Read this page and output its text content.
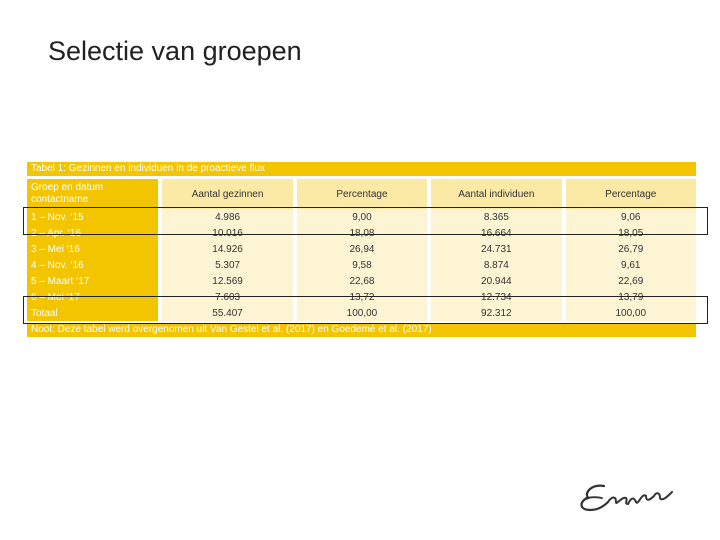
Selectie van groepen
Tabel 1: Gezinnen en individuen in de proactieve flux
Groep en datum contactname		Aantal gezinnen		Percentage		Aantal individuen		Percentage
1 – Nov. ‘15		4.986		9,00		8.365		9,06
2 – Apr. ‘16		10.016		18,08		16.664		18,05
3 – Mei ‘16		14.926		26,94		24.731		26,79
4 – Nov. ‘16		5.307		9,58		8.874		9,61
5 – Maart ‘17		12.569		22,68		20.944		22,69
6 – Mei ‘17		7.603		13,72		12.734		13,79
Totaal		55.407		100,00		92.312		100,00
Noot: Deze tabel werd overgenomen uit Van Gestel et al. (2017) en Goedemé et al. (2017)
